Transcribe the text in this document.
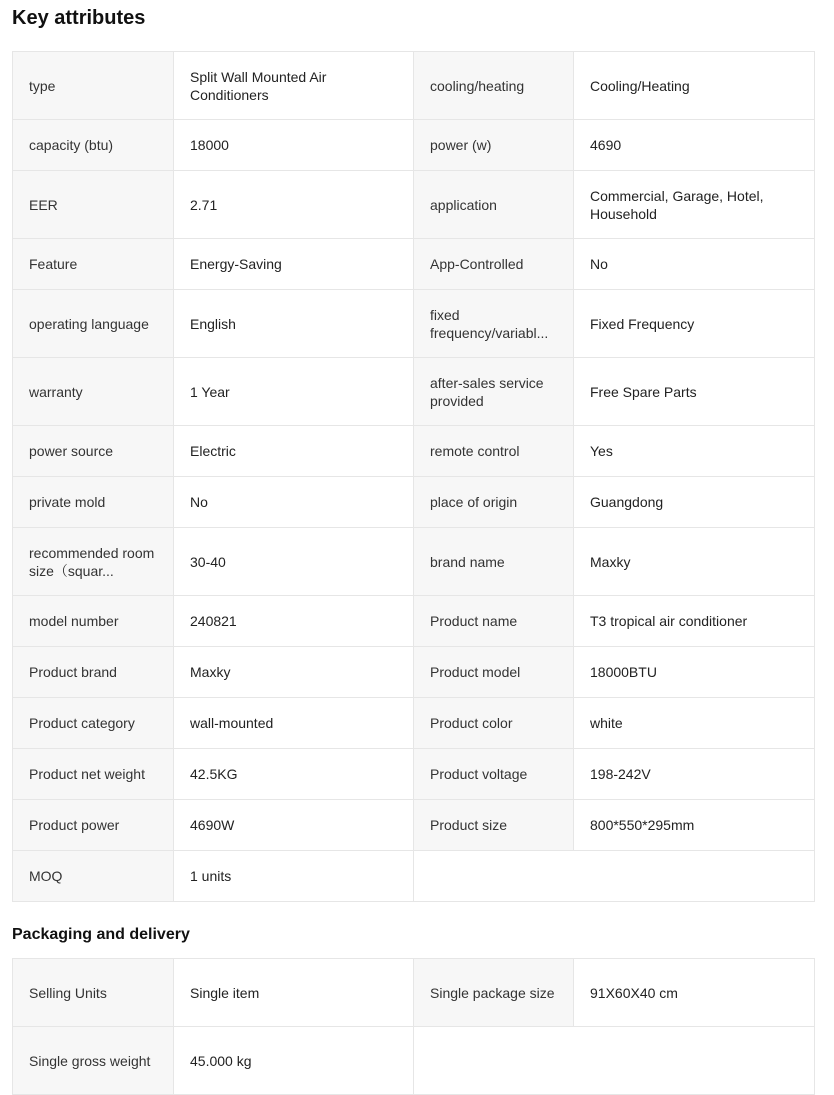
Key attributes
type	Split Wall Mounted Air Conditioners	cooling/heating	Cooling/Heating
capacity (btu)	18000	power (w)	4690
EER	2.71	application	Commercial, Garage, Hotel, Household
Feature	Energy-Saving	App-Controlled	No
operating language	English	fixed frequency/variabl...	Fixed Frequency
warranty	1 Year	after-sales service provided	Free Spare Parts
power source	Electric	remote control	Yes
private mold	No	place of origin	Guangdong

recommended room size（squar...	30-40	brand name	Maxky
model number	240821	Product name	T3 tropical air conditioner
Product brand	Maxky	Product model	18000BTU
Product category	wall-mounted	Product color	white
Product net weight	42.5KG	Product voltage	198-242V
Product power	4690W	Product size	800*550*295mm
MOQ	1 units		
Packaging and delivery
Selling Units	Single item	Single package size	91X60X40 cm

Single gross weight	45.000 kg		
